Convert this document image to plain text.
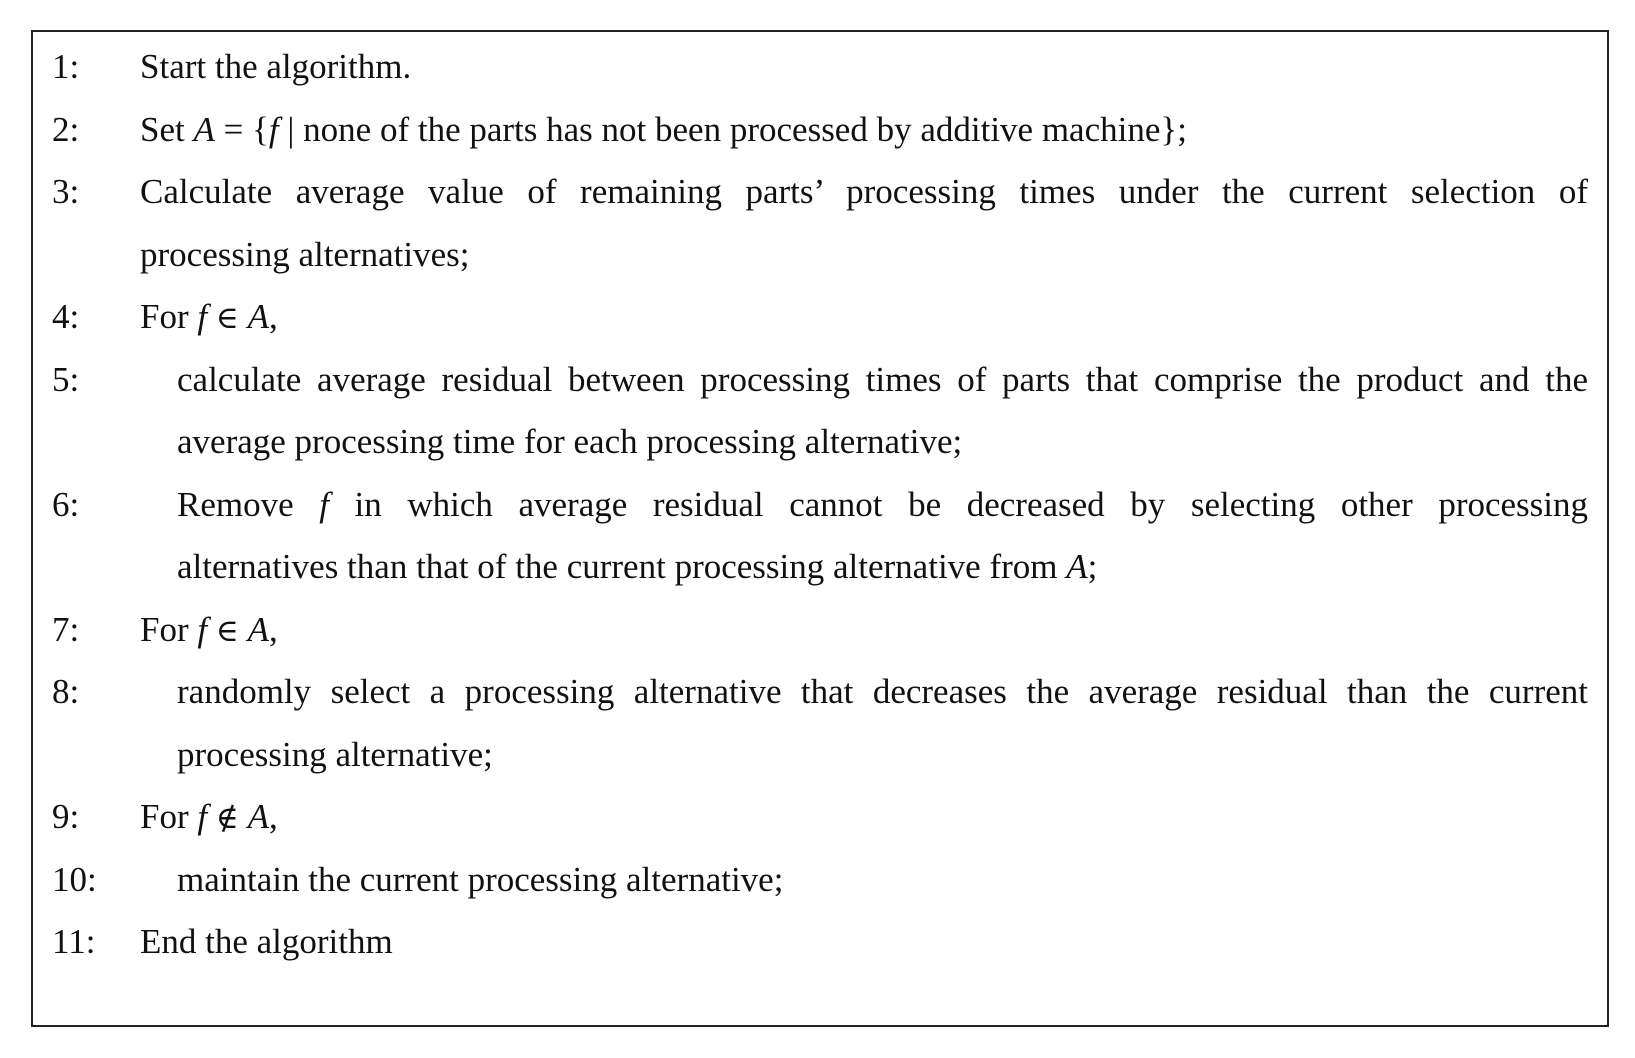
1:	Start the algorithm.
2:	Set A = {f | none of the parts has not been processed by additive machine};
3:	Calculate average value of remaining parts’ processing times under the current selection of
processing alternatives;
4:	For f ∈ A,
5:	calculate average residual between processing times of parts that comprise the product and the
average processing time for each processing alternative;
6:	Remove f in which average residual cannot be decreased by selecting other processing
alternatives than that of the current processing alternative from A;
7:	For f ∈ A,
8:	randomly select a processing alternative that decreases the average residual than the current
processing alternative;
9:	For f ∉ A,
10:	maintain the current processing alternative;
11:	End the algorithm
